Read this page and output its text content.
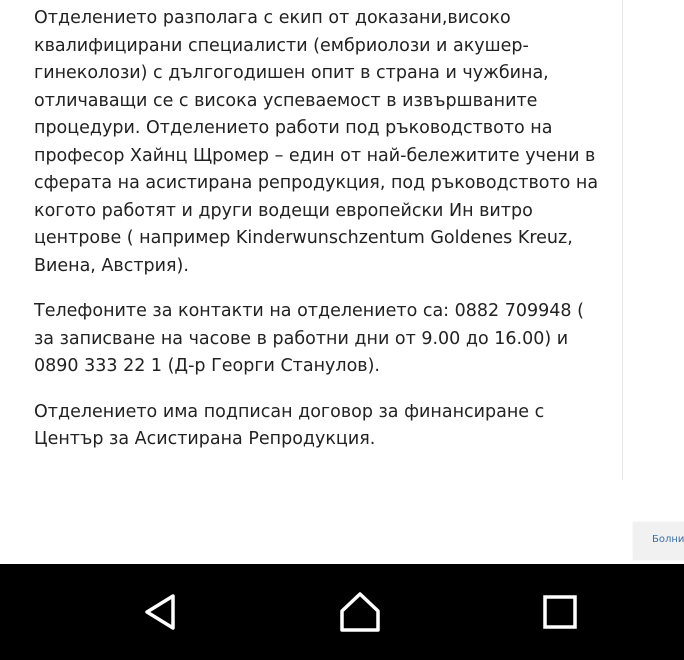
Отделението разполага с екип от доказани,високо квалифицирани специалисти (ембриолози и акушер-гинеколози) с дългогодишен опит в страна и чужбина, отличаващи се с висока успеваемост в извършваните процедури. Отделението работи под ръководството на професор Хайнц Щромер – един от най-бележитите учени в сферата на асистирана репродукция, под ръководството на когото работят и други водещи европейски Ин витро центрове ( например Kinderwunschzentum Goldenes Kreuz, Виена, Австрия).

Телефоните за контакти на отделението са: 0882 709948 ( за записване на часове в работни дни от 9.00 до 16.00) и 0890 333 22 1 (Д-р Георги Станулов).

Отделението има подписан договор за финансиране с Център за Асистирана Репродукция.

Болни
